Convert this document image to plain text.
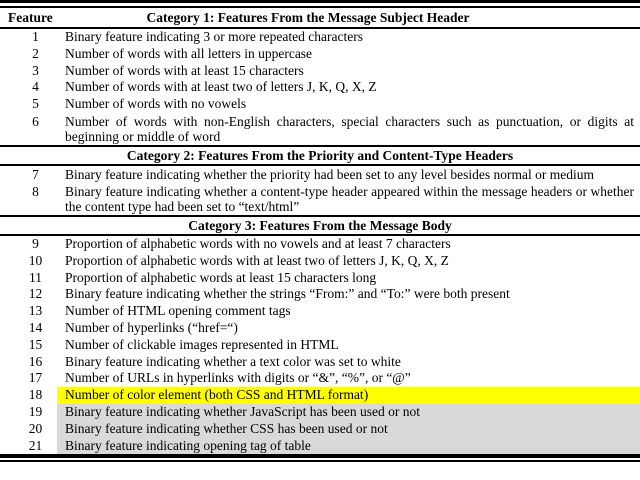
Feature	Category 1: Features From the Message Subject Header
1	Binary feature indicating 3 or more repeated characters
2	Number of words with all letters in uppercase
3	Number of words with at least 15 characters
4	Number of words with at least two of letters J, K, Q, X, Z
5	Number of words with no vowels
6	Number of words with non-English characters, special characters such as punctuation, or digits at beginning or middle of word
Category 2: Features From the Priority and Content-Type Headers
7	Binary feature indicating whether the priority had been set to any level besides normal or medium
8	Binary feature indicating whether a content-type header appeared within the message headers or whether the content type had been set to “text/html”
Category 3: Features From the Message Body
9	Proportion of alphabetic words with no vowels and at least 7 characters
10	Proportion of alphabetic words with at least two of letters J, K, Q, X, Z
11	Proportion of alphabetic words at least 15 characters long
12	Binary feature indicating whether the strings “From:” and “To:” were both present
13	Number of HTML opening comment tags
14	Number of hyperlinks (“href=“)
15	Number of clickable images represented in HTML
16	Binary feature indicating whether a text color was set to white
17	Number of URLs in hyperlinks with digits or “&”, “%”, or “@”
18	Number of color element (both CSS and HTML format)
19	Binary feature indicating whether JavaScript has been used or not
20	Binary feature indicating whether CSS has been used or not
21	Binary feature indicating opening tag of table
